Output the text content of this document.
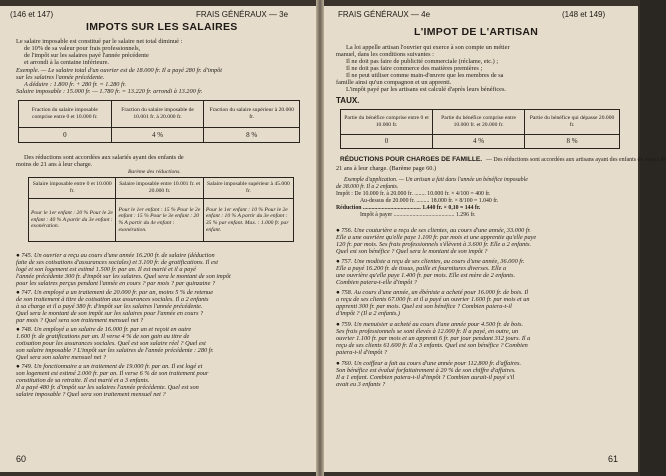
(146 et 147)	FRAIS GÉNÉRAUX — 3e
IMPOTS SUR LES SALAIRES
Le salaire imposable est constitué par le salaire net total diminué :
de 10% de sa valeur pour frais professionnels,
de l'impôt sur les salaires payé l'année précédente
et arrondi à la centaine inférieure.
Exemple. — Le salaire total d'un ouvrier est de 18.000 fr. Il a payé 280 fr. d'impôt
sur les salaires l'année précédente.
A déduire : 1.800 fr. + 280 fr. = 1.280 fr.
Salaire imposable : 15.000 fr. — 1.780 fr. = 13.220 fr. arrondi à 13.200 fr.
Fraction du salaire imposable comprise entre 0 et 10.000 fr.	Fraction du salaire imposable de 10.001 fr. à 20.000 fr.	Fraction du salaire supérieur à 20.000 fr.
0	4 %	8 %
Des réductions sont accordées aux salariés ayant des enfants de
moins de 21 ans à leur charge.
Barème des réductions.
Salaire imposable entre 0 et 10.000 fr.	Salaire imposable entre 10.001 fr. et 20.000 fr.	Salaire imposable supérieur à 45.000 fr.
Pour le 1er enfant : 20 % Pour le 2e enfant : 40 % A partir du 3e enfant : exonération.	Pour le 1er enfant : 15 % Pour le 2e enfant : 15 % Pour le 3e enfant : 20 % A partir du 4e enfant : exonération.	Pour le 1er enfant : 10 % Pour le 2e enfant : 10 % A partir du 3e enfant : 35 % par enfant. Max. : 1.000 fr. par enfant.
● 745. Un ouvrier a reçu au cours d'une année 16.200 fr. de salaire (déduction
faite de ses cotisations d'assurances sociales) et 3.100 fr. de gratifications. Il est
logé et son logement est estimé 1.500 fr. par an. Il est marié et il a payé
l'année précédente 300 fr. d'impôt sur les salaires. Quel sera le montant de son impôt
pour les salaires perçus pendant l'année en cours ? par mois ? par quinzaine ?
● 747. Un employé a un traitement de 20.000 fr. par an, moins 5 % de retenue
de son traitement à titre de cotisation aux assurances sociales. Il a 2 enfants
à sa charge et il a payé 380 fr. d'impôt sur les salaires l'année précédente.
Quel sera le montant de son impôt sur les salaires pour l'année en cours ?
par mois ? Quel sera son traitement mensuel net ?
● 748. Un employé a un salaire de 16.000 fr. par an et reçoit en outre
1.600 fr. de gratifications par an. Il verse 4 % de son gain au titre de
cotisation pour les assurances sociales. Quel est son salaire réel ? Quel est
son salaire imposable ? L'impôt sur les salaires de l'année précédente : 280 fr.
Quel sera son salaire mensuel net ?
● 749. Un fonctionnaire a un traitement de 19.000 fr. par an. Il est logé et
son logement est estimé 2.000 fr. par an. Il verse 6 % de son traitement pour
constitution de sa retraite. Il est marié et a 3 enfants.
Il a payé 480 fr. d'impôt sur les salaires l'année précédente. Quel est son
salaire imposable ? Quel sera son traitement mensuel net ?
60
FRAIS GÉNÉRAUX — 4e	(148 et 149)
L'IMPOT DE L'ARTISAN
La loi appelle artisan l'ouvrier qui exerce à son compte un métier
manuel, dans les conditions suivantes :
Il ne doit pas faire de publicité commerciale (réclame, etc.) ;
Il ne doit pas faire commerce des matières premières ;
Il ne peut utiliser comme main-d'œuvre que les membres de sa
famille ainsi qu'un compagnon et un apprenti.
L'impôt payé par les artisans est calculé d'après leurs bénéfices.
TAUX.
Partie du bénéfice comprise entre 0 et 10.000 fr.	Partie du bénéfice comprise entre 10.000 fr. et 20.000 fr.	Partie du bénéfice qui dépasse 20.000 fr.
0	4 %	8 %
RÉDUCTIONS POUR CHARGES DE FAMILLE. — Des réductions sont accordées aux artisans ayant des enfants de moins de
21 ans à leur charge. (Barème page 60.)
Exemple d'application. — Un artisan a fait dans l'année un bénéfice imposable
de 38.000 fr. Il a 2 enfants.
Impôt : De 10.000 fr. à 20.000 fr. ........ 10.000 fr. × 4/100 = 400 fr.
Au-dessus de 20.000 fr. ......... 18.000 fr. × 8/100 = 1.040 fr.
Réduction ........................................ 1.440 fr. × 0,10 = 144 fr.
Impôt à payer .......................................... 1.296 fr.
● 756. Une couturière a reçu de ses clientes, au cours d'une année, 33.000 fr.
Elle a une ouvrière qu'elle paye 1.100 fr. par mois et une apprentie qu'elle paye
120 fr. par mois. Ses frais professionnels s'élèvent à 3.600 fr. Elle a 2 enfants.
Quel est son bénéfice ? Quel sera le montant de son impôt ?
● 757. Une modiste a reçu de ses clientes, au cours d'une année, 36.000 fr.
Elle a payé 16.200 fr. de tissus, paille et fournitures diverses. Elle a
une ouvrière qu'elle paye 1.400 fr. par mois. Elle est mère de 2 enfants.
Combien paiera-t-elle d'impôt ?
● 758. Au cours d'une année, un ébéniste a acheté pour 16.000 fr. de bois. Il
a reçu de ses clients 67.000 fr. et il a payé un ouvrier 1.600 fr. par mois et un
apprenti 300 fr. par mois. Quel est son bénéfice ? Combien paiera-t-il
d'impôt ? (Il a 2 enfants.)
● 759. Un menuisier a acheté au cours d'une année pour 4.500 fr. de bois.
Ses frais professionnels se sont élevés à 12.000 fr. Il a payé, en outre, un
ouvrier 1.100 fr. par mois et un apprenti 6 fr. par jour pendant 312 jours. Il a
reçu de ses clients 61.600 fr. Il a 3 enfants. Quel est son bénéfice ? Combien
paiera-t-il d'impôt ?
● 760. Un coiffeur a fait au cours d'une année pour 112.800 fr. d'affaires.
Son bénéfice est évalué forfaitairement à 20 % de son chiffre d'affaires.
Il a 1 enfant. Combien paiera-t-il d'impôt ? Combien aurait-il payé s'il
avait eu 3 enfants ?
61
